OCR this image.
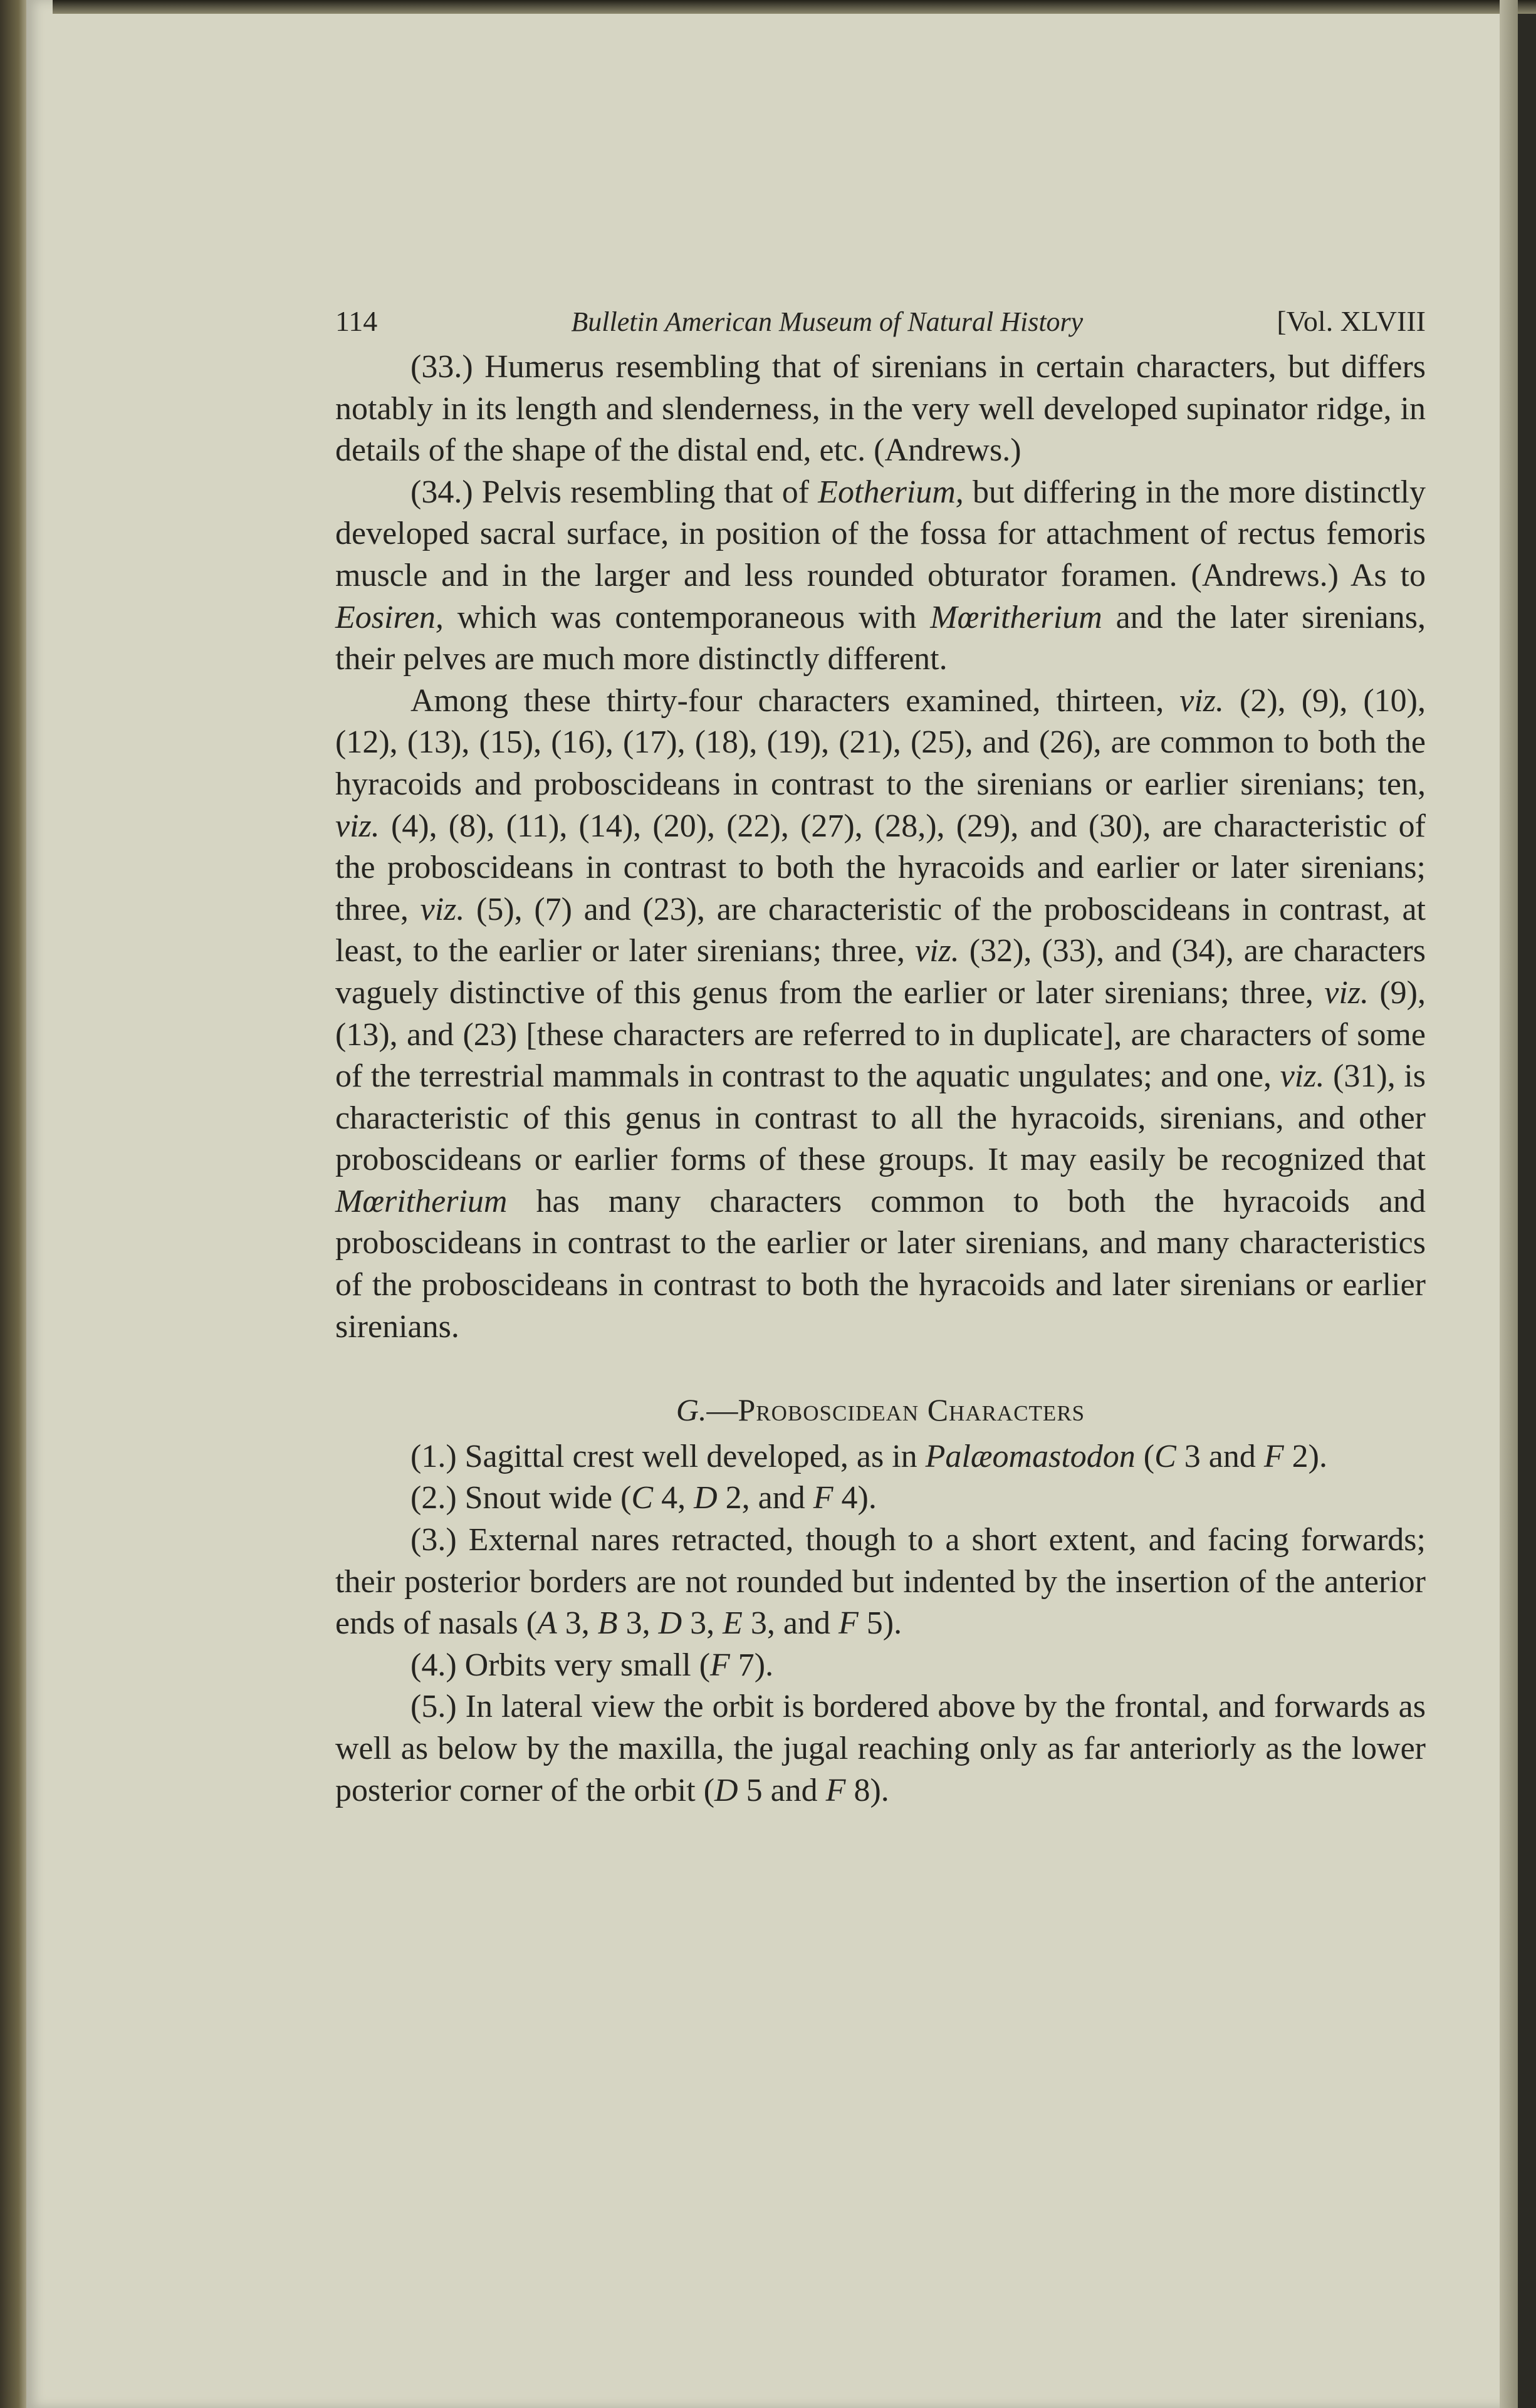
114	Bulletin American Museum of Natural History	[Vol. XLVIII

(33.) Humerus resembling that of sirenians in certain characters, but differs notably in its length and slenderness, in the very well developed supinator ridge, in details of the shape of the distal end, etc. (Andrews.)

(34.) Pelvis resembling that of Eotherium, but differing in the more distinctly developed sacral surface, in position of the fossa for attachment of rectus femoris muscle and in the larger and less rounded obturator foramen. (Andrews.) As to Eosiren, which was contemporaneous with Mœritherium and the later sirenians, their pelves are much more distinctly different.

Among these thirty-four characters examined, thirteen, viz. (2), (9), (10), (12), (13), (15), (16), (17), (18), (19), (21), (25), and (26), are common to both the hyracoids and proboscideans in contrast to the sirenians or earlier sirenians; ten, viz. (4), (8), (11), (14), (20), (22), (27), (28,), (29), and (30), are characteristic of the proboscideans in contrast to both the hyracoids and earlier or later sirenians; three, viz. (5), (7) and (23), are characteristic of the proboscideans in contrast, at least, to the earlier or later sirenians; three, viz. (32), (33), and (34), are characters vaguely distinctive of this genus from the earlier or later sirenians; three, viz. (9), (13), and (23) [these characters are referred to in duplicate], are characters of some of the terrestrial mammals in contrast to the aquatic ungulates; and one, viz. (31), is characteristic of this genus in contrast to all the hyracoids, sirenians, and other proboscideans or earlier forms of these groups. It may easily be recognized that Mœritherium has many characters common to both the hyracoids and proboscideans in contrast to the earlier or later sirenians, and many characteristics of the proboscideans in contrast to both the hyracoids and later sirenians or earlier sirenians.

G.—Proboscidean Characters

(1.) Sagittal crest well developed, as in Palæomastodon (C 3 and F 2).

(2.) Snout wide (C 4, D 2, and F 4).

(3.) External nares retracted, though to a short extent, and facing forwards; their posterior borders are not rounded but indented by the insertion of the anterior ends of nasals (A 3, B 3, D 3, E 3, and F 5).

(4.) Orbits very small (F 7).

(5.) In lateral view the orbit is bordered above by the frontal, and forwards as well as below by the maxilla, the jugal reaching only as far anteriorly as the lower posterior corner of the orbit (D 5 and F 8).
